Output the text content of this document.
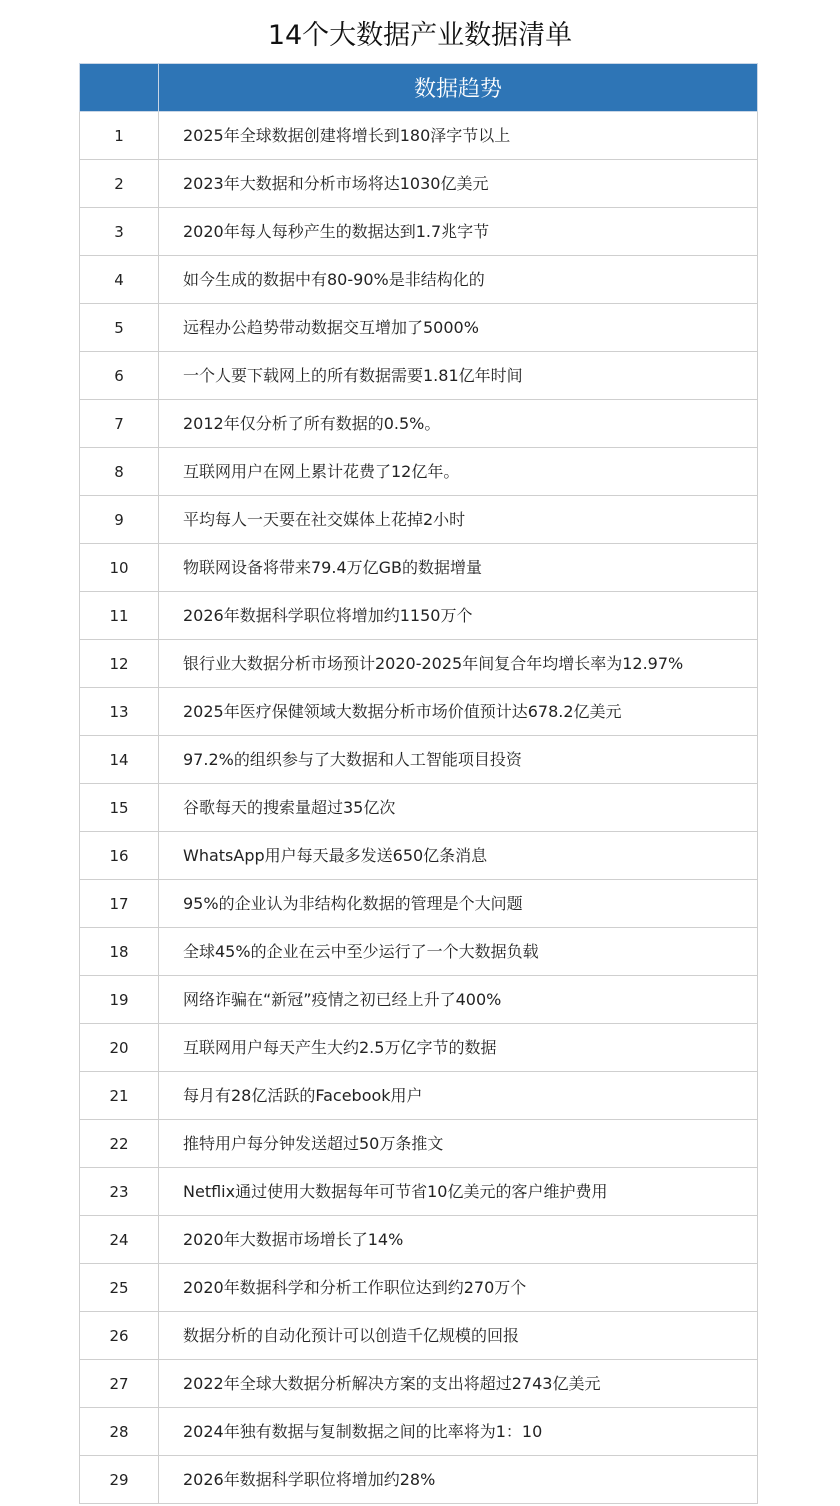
14个大数据产业数据清单
	数据趋势
1	2025年全球数据创建将增长到180泽字节以上
2	2023年大数据和分析市场将达1030亿美元
3	2020年每人每秒产生的数据达到1.7兆字节
4	如今生成的数据中有80-90%是非结构化的
5	远程办公趋势带动数据交互增加了5000%
6	一个人要下载网上的所有数据需要1.81亿年时间
7	2012年仅分析了所有数据的0.5%。
8	互联网用户在网上累计花费了12亿年。
9	平均每人一天要在社交媒体上花掉2小时
10	物联网设备将带来79.4万亿GB的数据增量
11	2026年数据科学职位将增加约1150万个
12	银行业大数据分析市场预计2020-2025年间复合年均增长率为12.97%
13	2025年医疗保健领域大数据分析市场价值预计达678.2亿美元
14	97.2%的组织参与了大数据和人工智能项目投资
15	谷歌每天的搜索量超过35亿次
16	WhatsApp用户每天最多发送650亿条消息
17	95%的企业认为非结构化数据的管理是个大问题
18	全球45%的企业在云中至少运行了一个大数据负载
19	网络诈骗在“新冠”疫情之初已经上升了400%
20	互联网用户每天产生大约2.5万亿字节的数据
21	每月有28亿活跃的Facebook用户
22	推特用户每分钟发送超过50万条推文
23	Netflix通过使用大数据每年可节省10亿美元的客户维护费用
24	2020年大数据市场增长了14%
25	2020年数据科学和分析工作职位达到约270万个
26	数据分析的自动化预计可以创造千亿规模的回报
27	2022年全球大数据分析解决方案的支出将超过2743亿美元
28	2024年独有数据与复制数据之间的比率将为1：10
29	2026年数据科学职位将增加约28%
